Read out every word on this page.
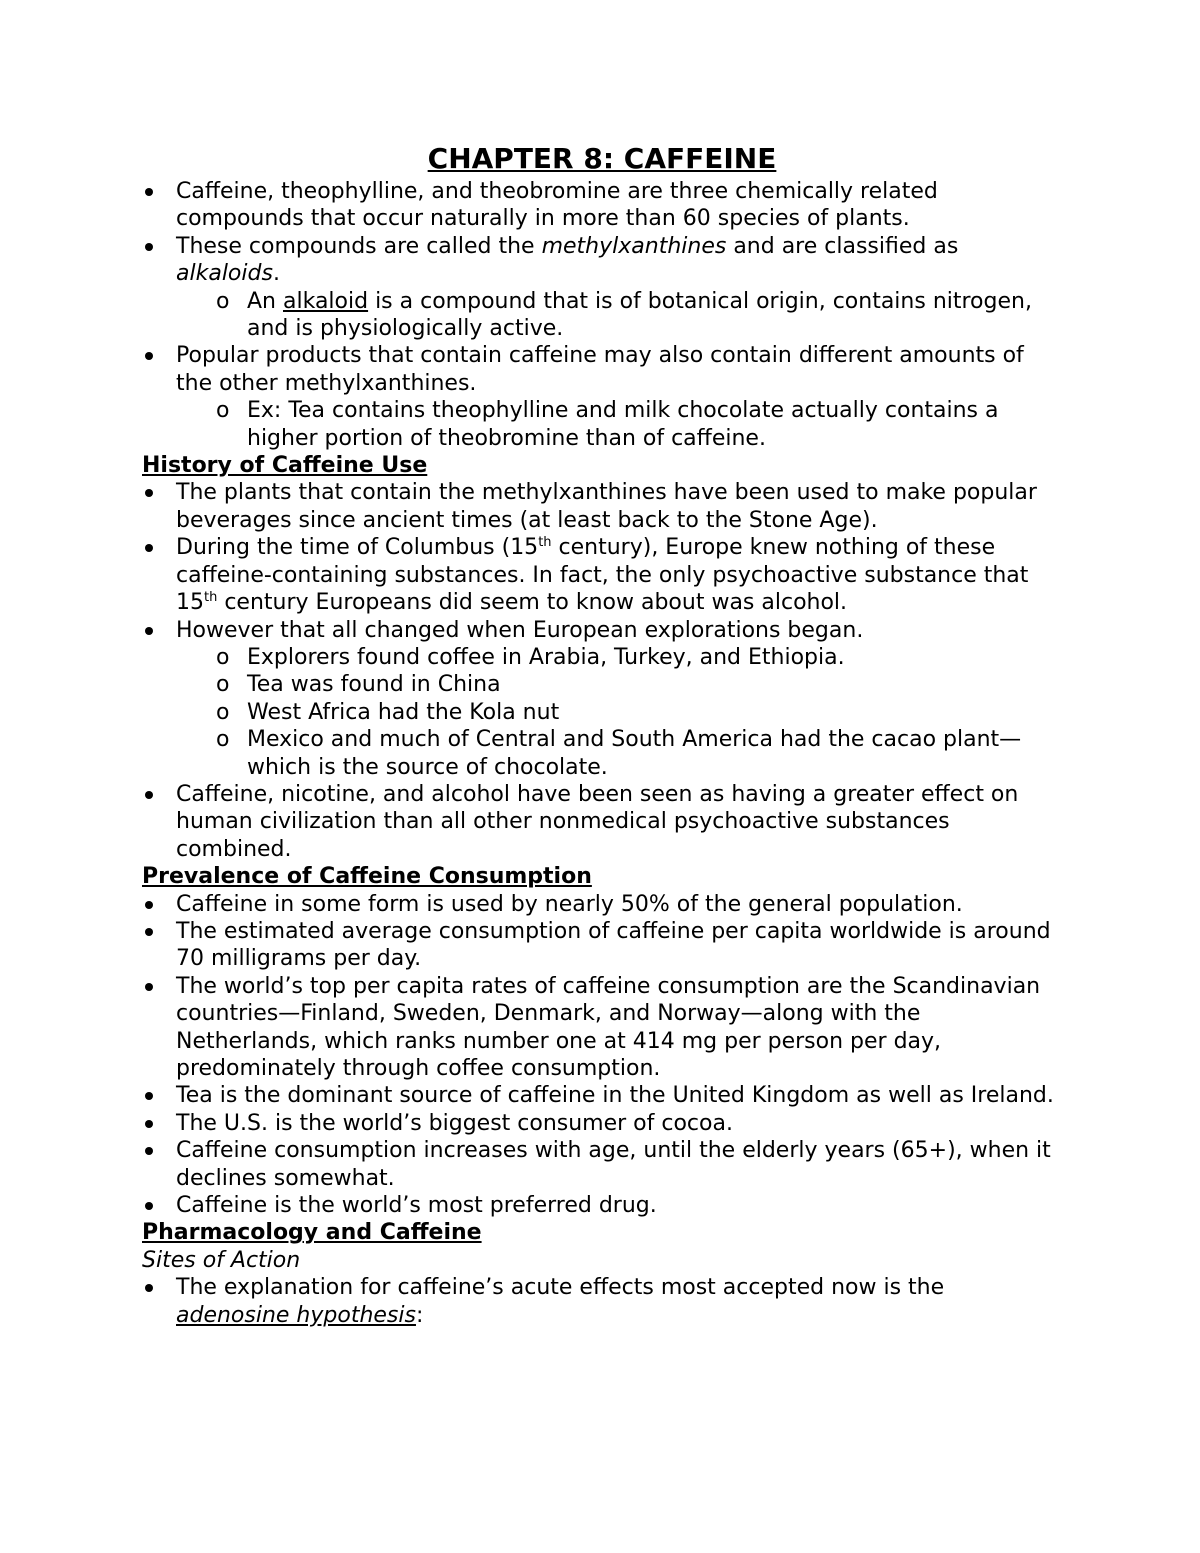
CHAPTER 8: CAFFEINE

Caffeine, theophylline, and theobromine are three chemically related compounds that occur naturally in more than 60 species of plants.
These compounds are called the methylxanthines and are classified as alkaloids.
o An alkaloid is a compound that is of botanical origin, contains nitrogen, and is physiologically active.
Popular products that contain caffeine may also contain different amounts of the other methylxanthines.
o Ex: Tea contains theophylline and milk chocolate actually contains a higher portion of theobromine than of caffeine.

History of Caffeine Use

The plants that contain the methylxanthines have been used to make popular beverages since ancient times (at least back to the Stone Age).
During the time of Columbus (15th century), Europe knew nothing of these caffeine-containing substances. In fact, the only psychoactive substance that 15th century Europeans did seem to know about was alcohol.
However that all changed when European explorations began.
o Explorers found coffee in Arabia, Turkey, and Ethiopia.
o Tea was found in China
o West Africa had the Kola nut
o Mexico and much of Central and South America had the cacao plant—which is the source of chocolate.
Caffeine, nicotine, and alcohol have been seen as having a greater effect on human civilization than all other nonmedical psychoactive substances combined.

Prevalence of Caffeine Consumption

Caffeine in some form is used by nearly 50% of the general population.
The estimated average consumption of caffeine per capita worldwide is around 70 milligrams per day.
The world’s top per capita rates of caffeine consumption are the Scandinavian countries—Finland, Sweden, Denmark, and Norway—along with the Netherlands, which ranks number one at 414 mg per person per day, predominately through coffee consumption.
Tea is the dominant source of caffeine in the United Kingdom as well as Ireland.
The U.S. is the world’s biggest consumer of cocoa.
Caffeine consumption increases with age, until the elderly years (65+), when it declines somewhat.
Caffeine is the world’s most preferred drug.

Pharmacology and Caffeine

Sites of Action

The explanation for caffeine’s acute effects most accepted now is the adenosine hypothesis:
